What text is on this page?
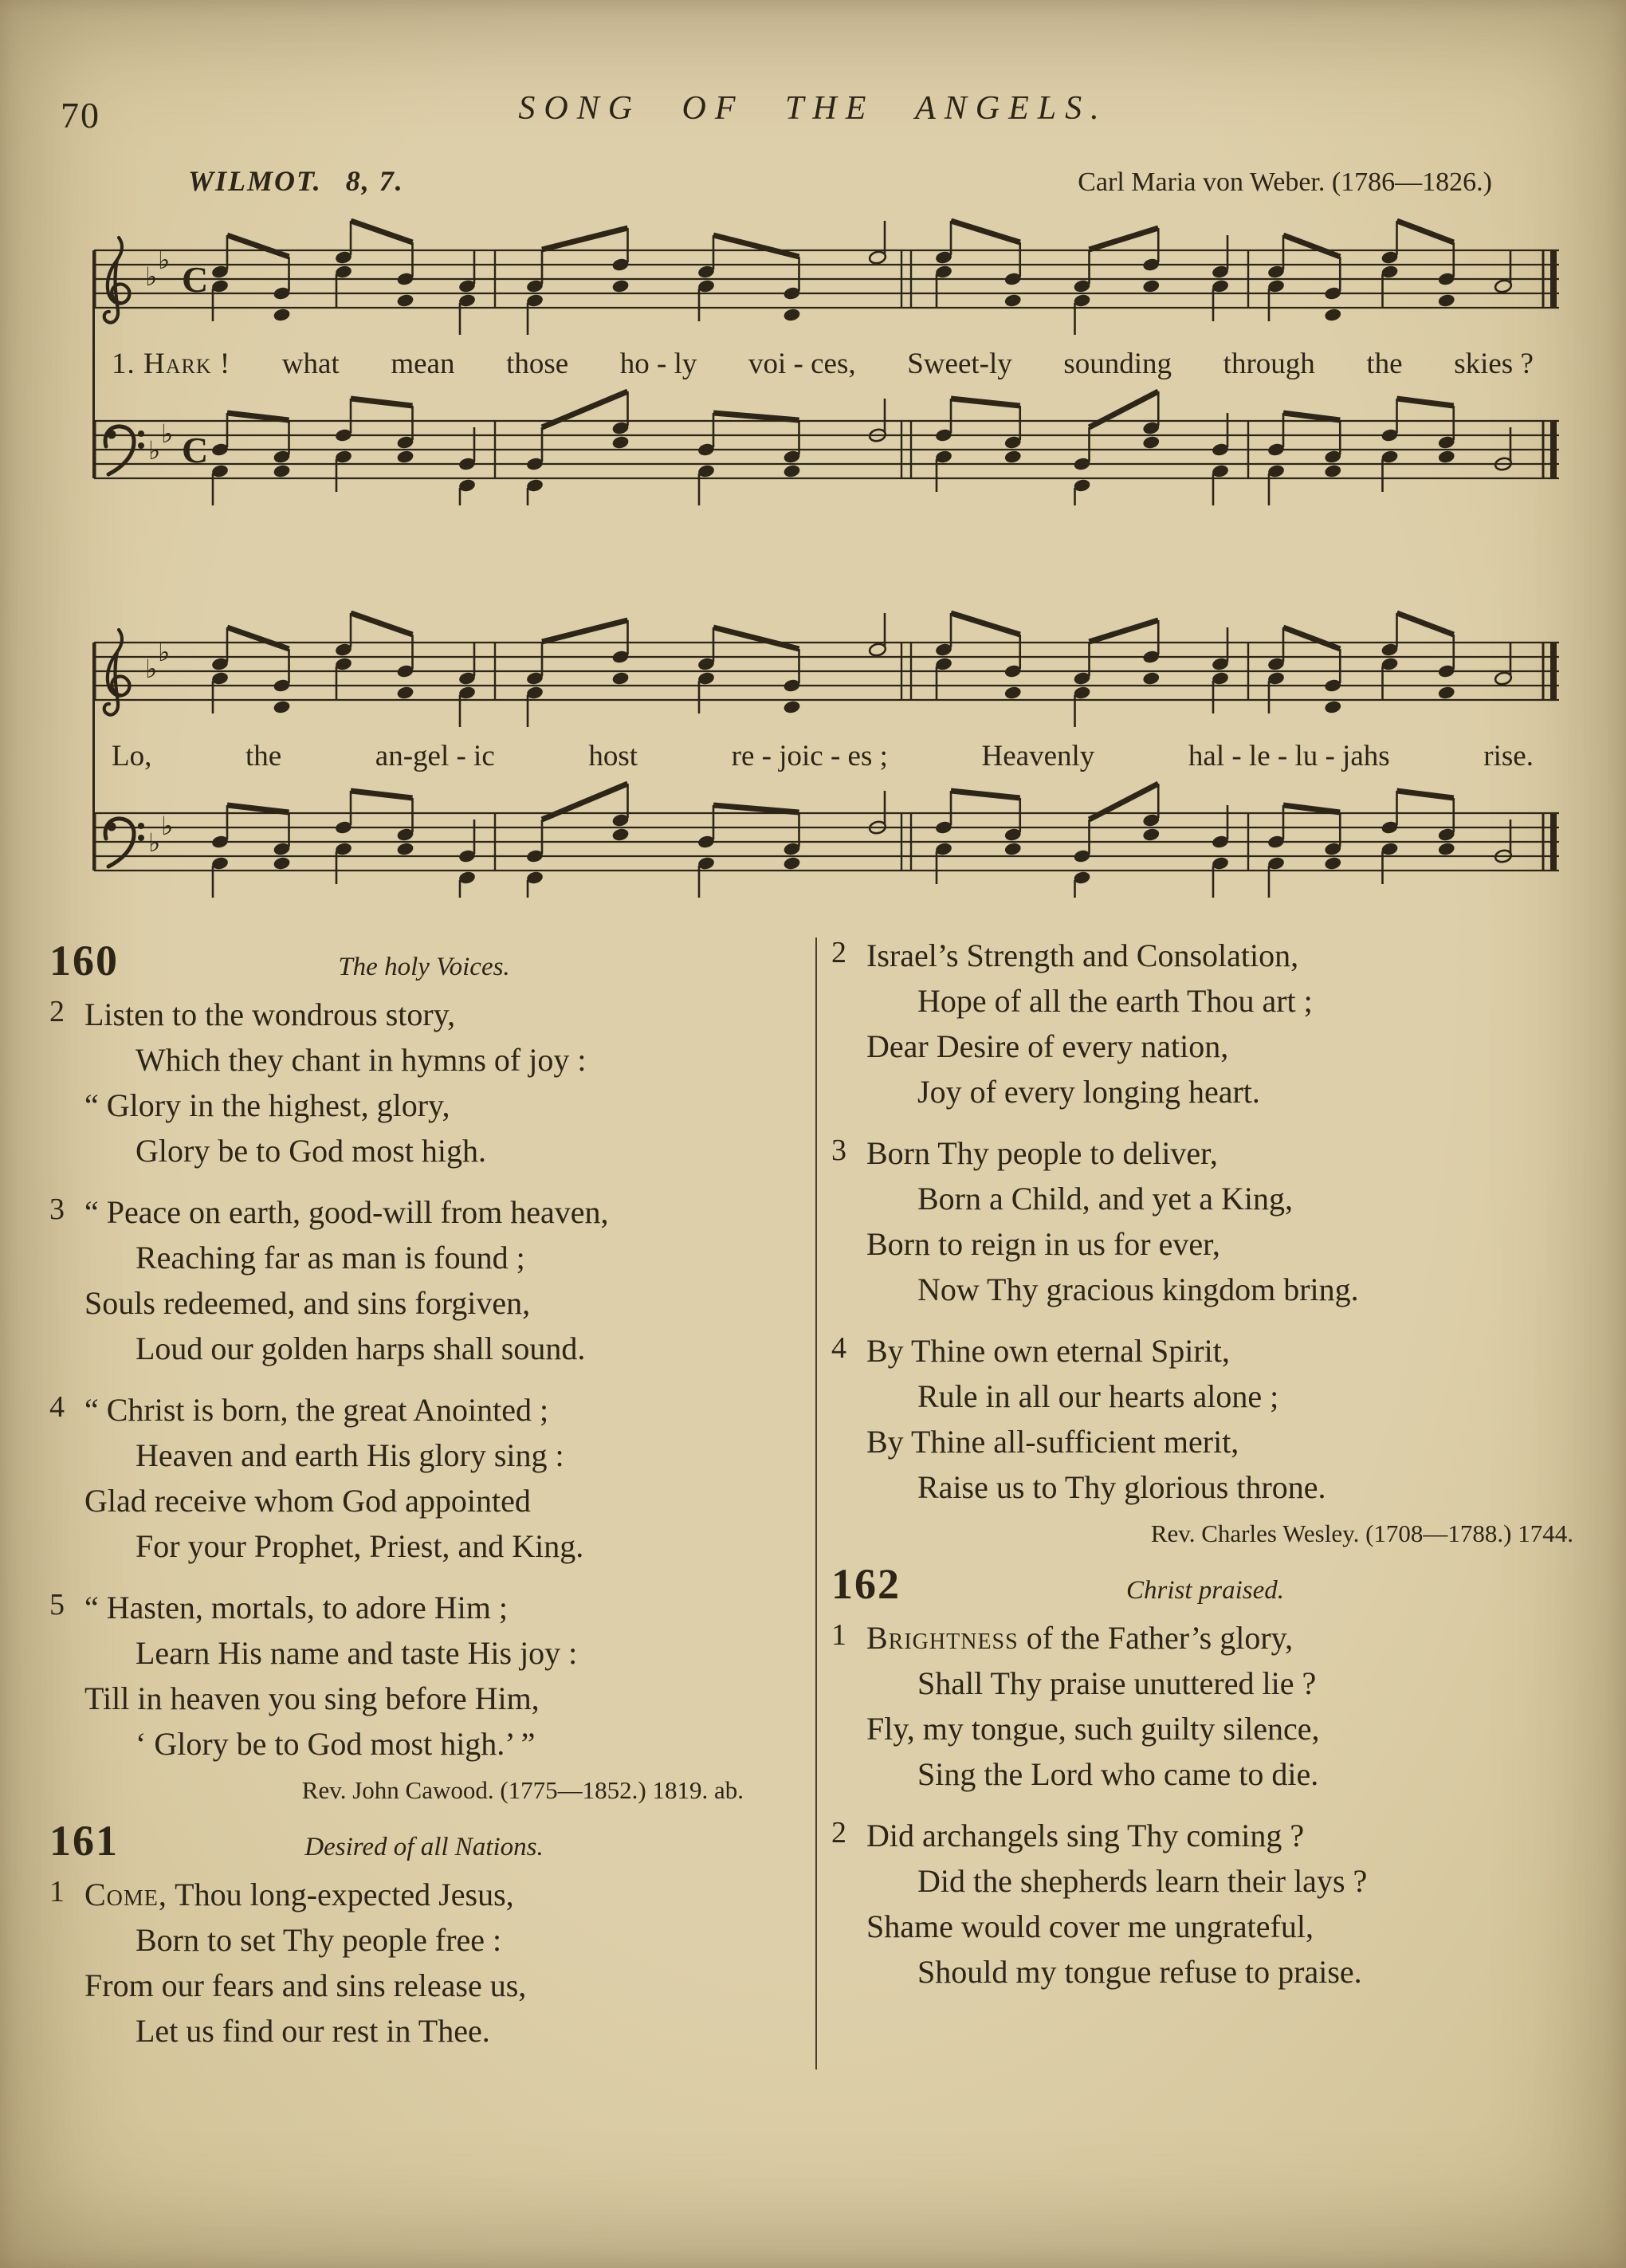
70	SONG OF THE ANGELS.
WILMOT. 8, 7.	Carl Maria von Weber. (1786—1826.)
♭
♭ C
1. Hark ! what mean those ho - ly voi - ces, Sweet-ly sounding through the skies ?
♭
♭ C
♭
♭
Lo,	the	an-gel - ic	host	re - joic - es ;	Heavenly	hal - le - lu - jahs	rise.
♭
♭
160	The holy Voices.
2 Listen to the wondrous story,
Which they chant in hymns of joy :
“ Glory in the highest, glory,
Glory be to God most high.
3 “ Peace on earth, good-will from heaven,
Reaching far as man is found ;
Souls redeemed, and sins forgiven,
Loud our golden harps shall sound.
4 “ Christ is born, the great Anointed ;
Heaven and earth His glory sing :
Glad receive whom God appointed
For your Prophet, Priest, and King.
5 “ Hasten, mortals, to adore Him ;
Learn His name and taste His joy :
Till in heaven you sing before Him,
‘ Glory be to God most high.’ ”
Rev. John Cawood. (1775—1852.) 1819. ab.
161	Desired of all Nations.
1 Come, Thou long-expected Jesus,
Born to set Thy people free :
From our fears and sins release us,
Let us find our rest in Thee.
2 Israel’s Strength and Consolation,
Hope of all the earth Thou art ;
Dear Desire of every nation,
Joy of every longing heart.
3 Born Thy people to deliver,
Born a Child, and yet a King,
Born to reign in us for ever,
Now Thy gracious kingdom bring.
4 By Thine own eternal Spirit,
Rule in all our hearts alone ;
By Thine all-sufficient merit,
Raise us to Thy glorious throne.
Rev. Charles Wesley. (1708—1788.) 1744.
162	Christ praised.
1 Brightness of the Father’s glory,
Shall Thy praise unuttered lie ?
Fly, my tongue, such guilty silence,
Sing the Lord who came to die.
2 Did archangels sing Thy coming ?
Did the shepherds learn their lays ?
Shame would cover me ungrateful,
Should my tongue refuse to praise.
